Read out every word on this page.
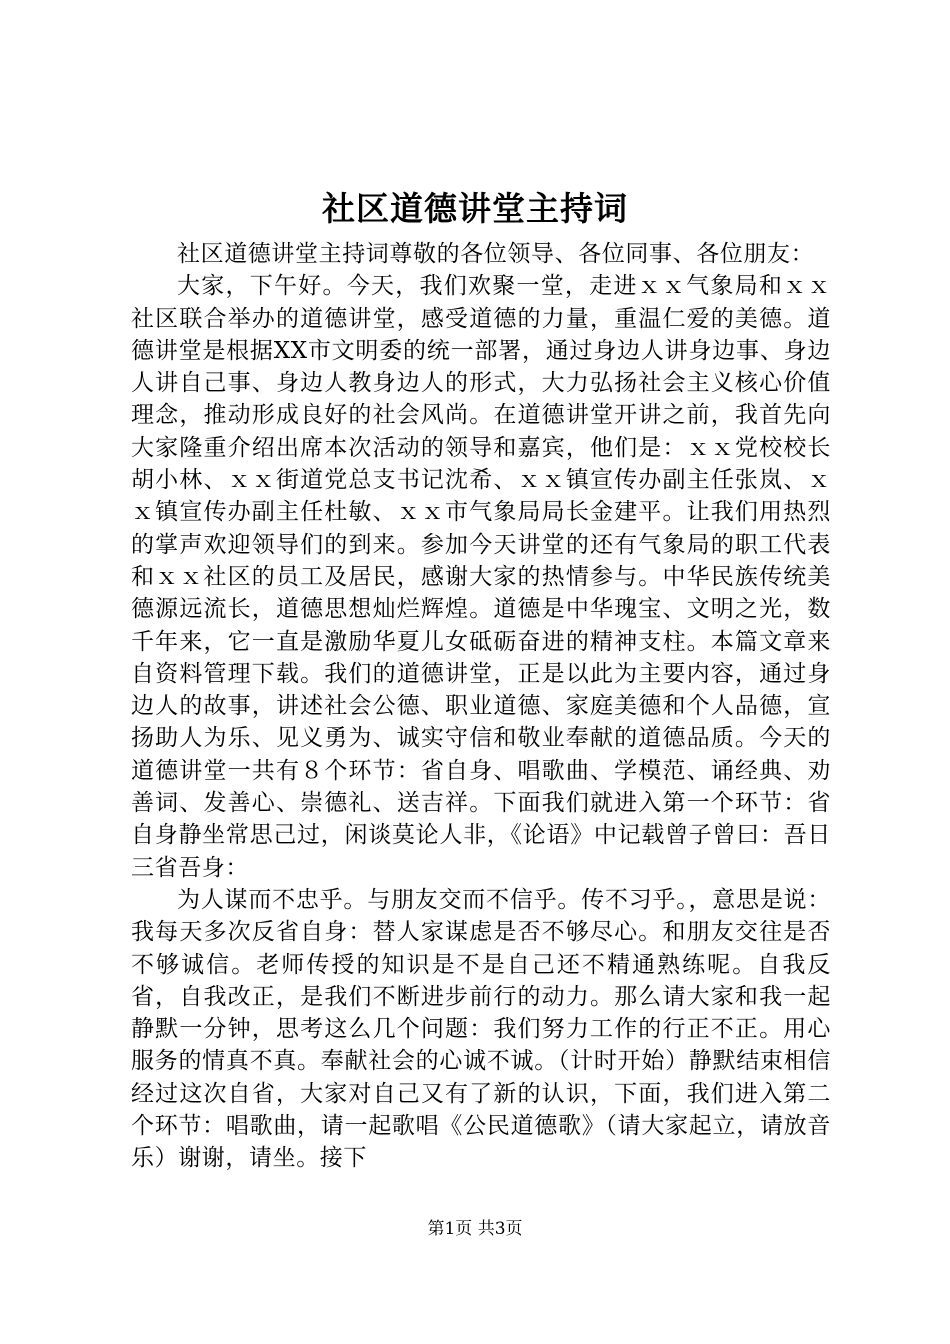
社区道德讲堂主持词

社区道德讲堂主持词尊敬的各位领导、各位同事、各位朋友：

大家，下午好。今天，我们欢聚一堂，走进ｘｘ气象局和ｘｘ社区联合举办的道德讲堂，感受道德的力量，重温仁爱的美德。道德讲堂是根据XX市文明委的统一部署，通过身边人讲身边事、身边人讲自己事、身边人教身边人的形式，大力弘扬社会主义核心价值理念，推动形成良好的社会风尚。在道德讲堂开讲之前，我首先向大家隆重介绍出席本次活动的领导和嘉宾，他们是：ｘｘ党校校长胡小林、ｘｘ街道党总支书记沈希、ｘｘ镇宣传办副主任张岚、ｘｘ镇宣传办副主任杜敏、ｘｘ市气象局局长金建平。让我们用热烈的掌声欢迎领导们的到来。参加今天讲堂的还有气象局的职工代表和ｘｘ社区的员工及居民，感谢大家的热情参与。中华民族传统美德源远流长，道德思想灿烂辉煌。道德是中华瑰宝、文明之光，数千年来，它一直是激励华夏儿女砥砺奋进的精神支柱。本篇文章来自资料管理下载。我们的道德讲堂，正是以此为主要内容，通过身边人的故事，讲述社会公德、职业道德、家庭美德和个人品德，宣扬助人为乐、见义勇为、诚实守信和敬业奉献的道德品质。今天的道德讲堂一共有８个环节：省自身、唱歌曲、学模范、诵经典、劝善词、发善心、崇德礼、送吉祥。下面我们就进入第一个环节：省自身静坐常思己过，闲谈莫论人非，《论语》中记载曾子曾曰：吾日三省吾身：

为人谋而不忠乎。与朋友交而不信乎。传不习乎。，意思是说：我每天多次反省自身：替人家谋虑是否不够尽心。和朋友交往是否不够诚信。老师传授的知识是不是自己还不精通熟练呢。自我反省，自我改正，是我们不断进步前行的动力。那么请大家和我一起静默一分钟，思考这么几个问题：我们努力工作的行正不正。用心服务的情真不真。奉献社会的心诚不诚。（计时开始）静默结束相信经过这次自省，大家对自己又有了新的认识，下面，我们进入第二个环节：唱歌曲，请一起歌唱《公民道德歌》（请大家起立，请放音乐）谢谢，请坐。接下

第1页 共3页
